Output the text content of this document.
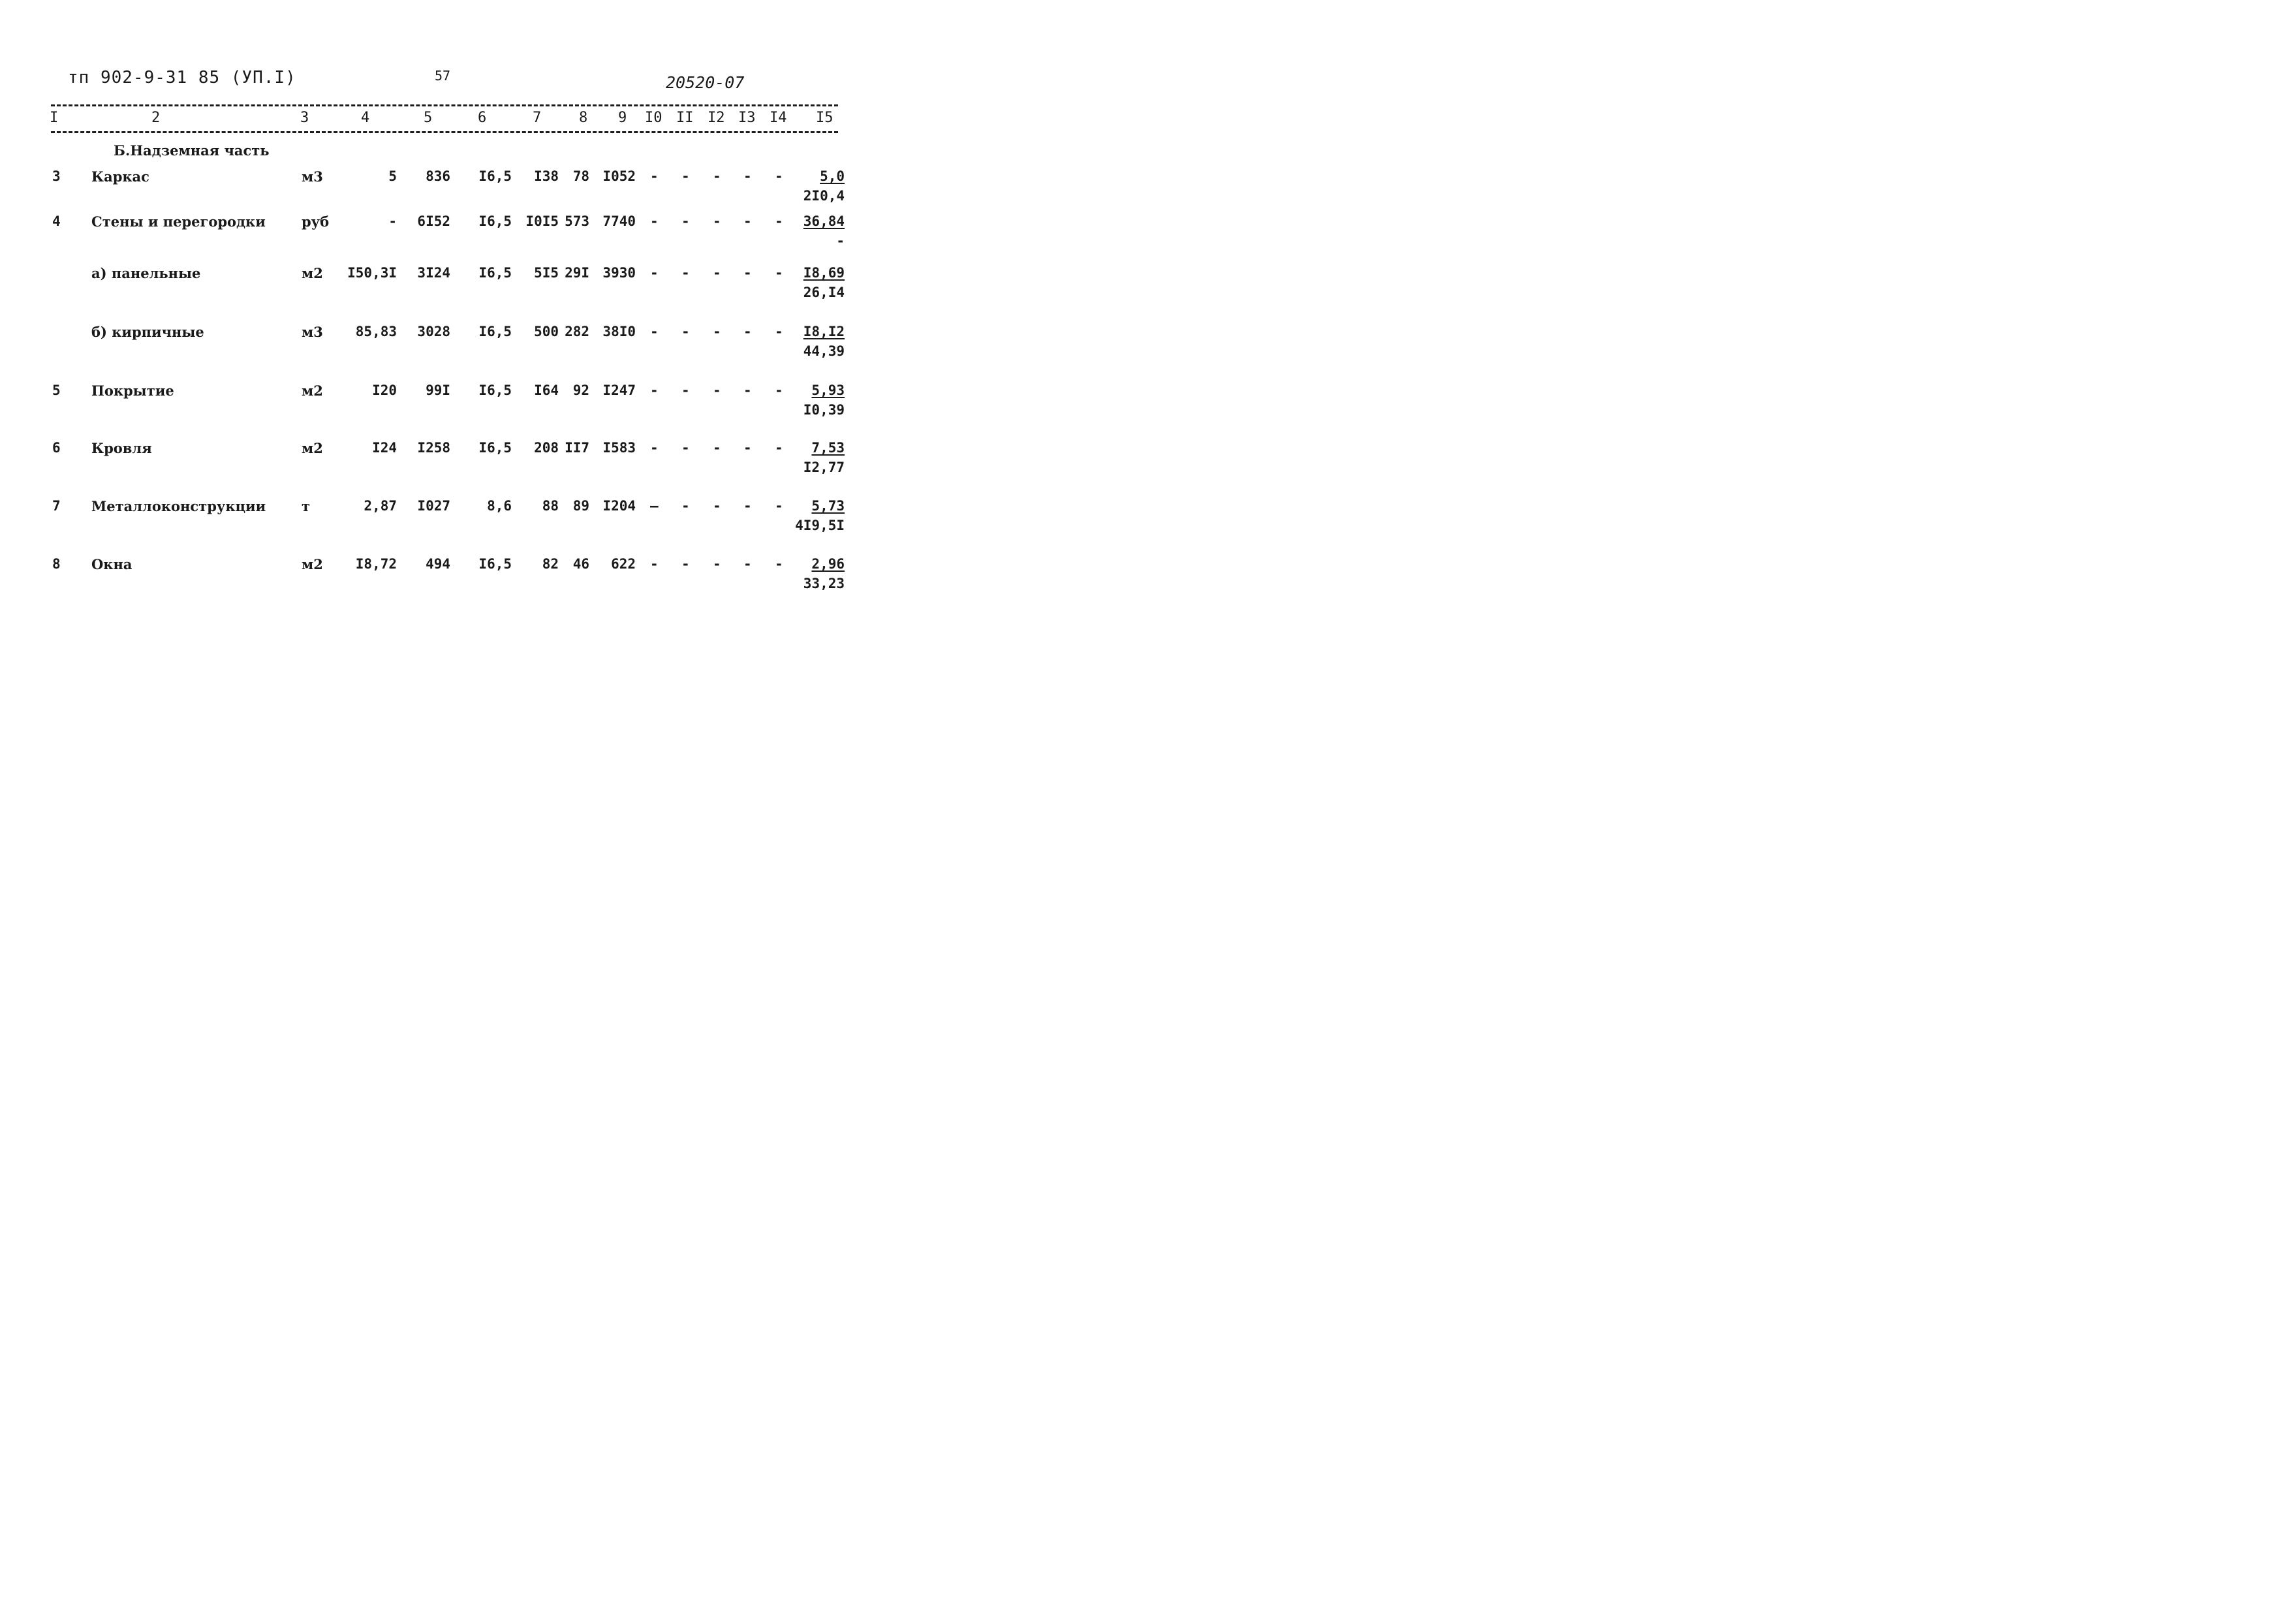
тп 902-9-31 85 (УП.I)	57	20520-07
I	2	3	4	5	6	7	8 9 I0 II I2 I3 I4 I5
Б.Надземная часть
3 Каркас	м3	5 836 I6,5 I38 78 I052 - - - - -	5,0
2I0,4
4 Стены и перегородки	руб	- 6I52 I6,5 I0I5 573 7740 - - - - - 36,84
-
а) панельные	м2 I50,3I 3I24 I6,5 5I5 29I 3930 - - - - - I8,69
26,I4
б) кирпичные	м3 85,83 3028 I6,5 500 282 38I0 - - - - - I8,I2
44,39
5 Покрытие	м2	I20 99I I6,5 I64 92 I247 - - - - - 5,93
I0,39
6 Кровля	м2	I24 I258 I6,5 208 II7 I583 - - - - - 7,53
I2,77
7 Металлоконструкции	т	2,87 I027	8,6 88 89 I204 — - - - - 5,73
4I9,5I
8 Окна	м2 I8,72 494 I6,5 82 46 622 - - - - - 2,96
33,23
